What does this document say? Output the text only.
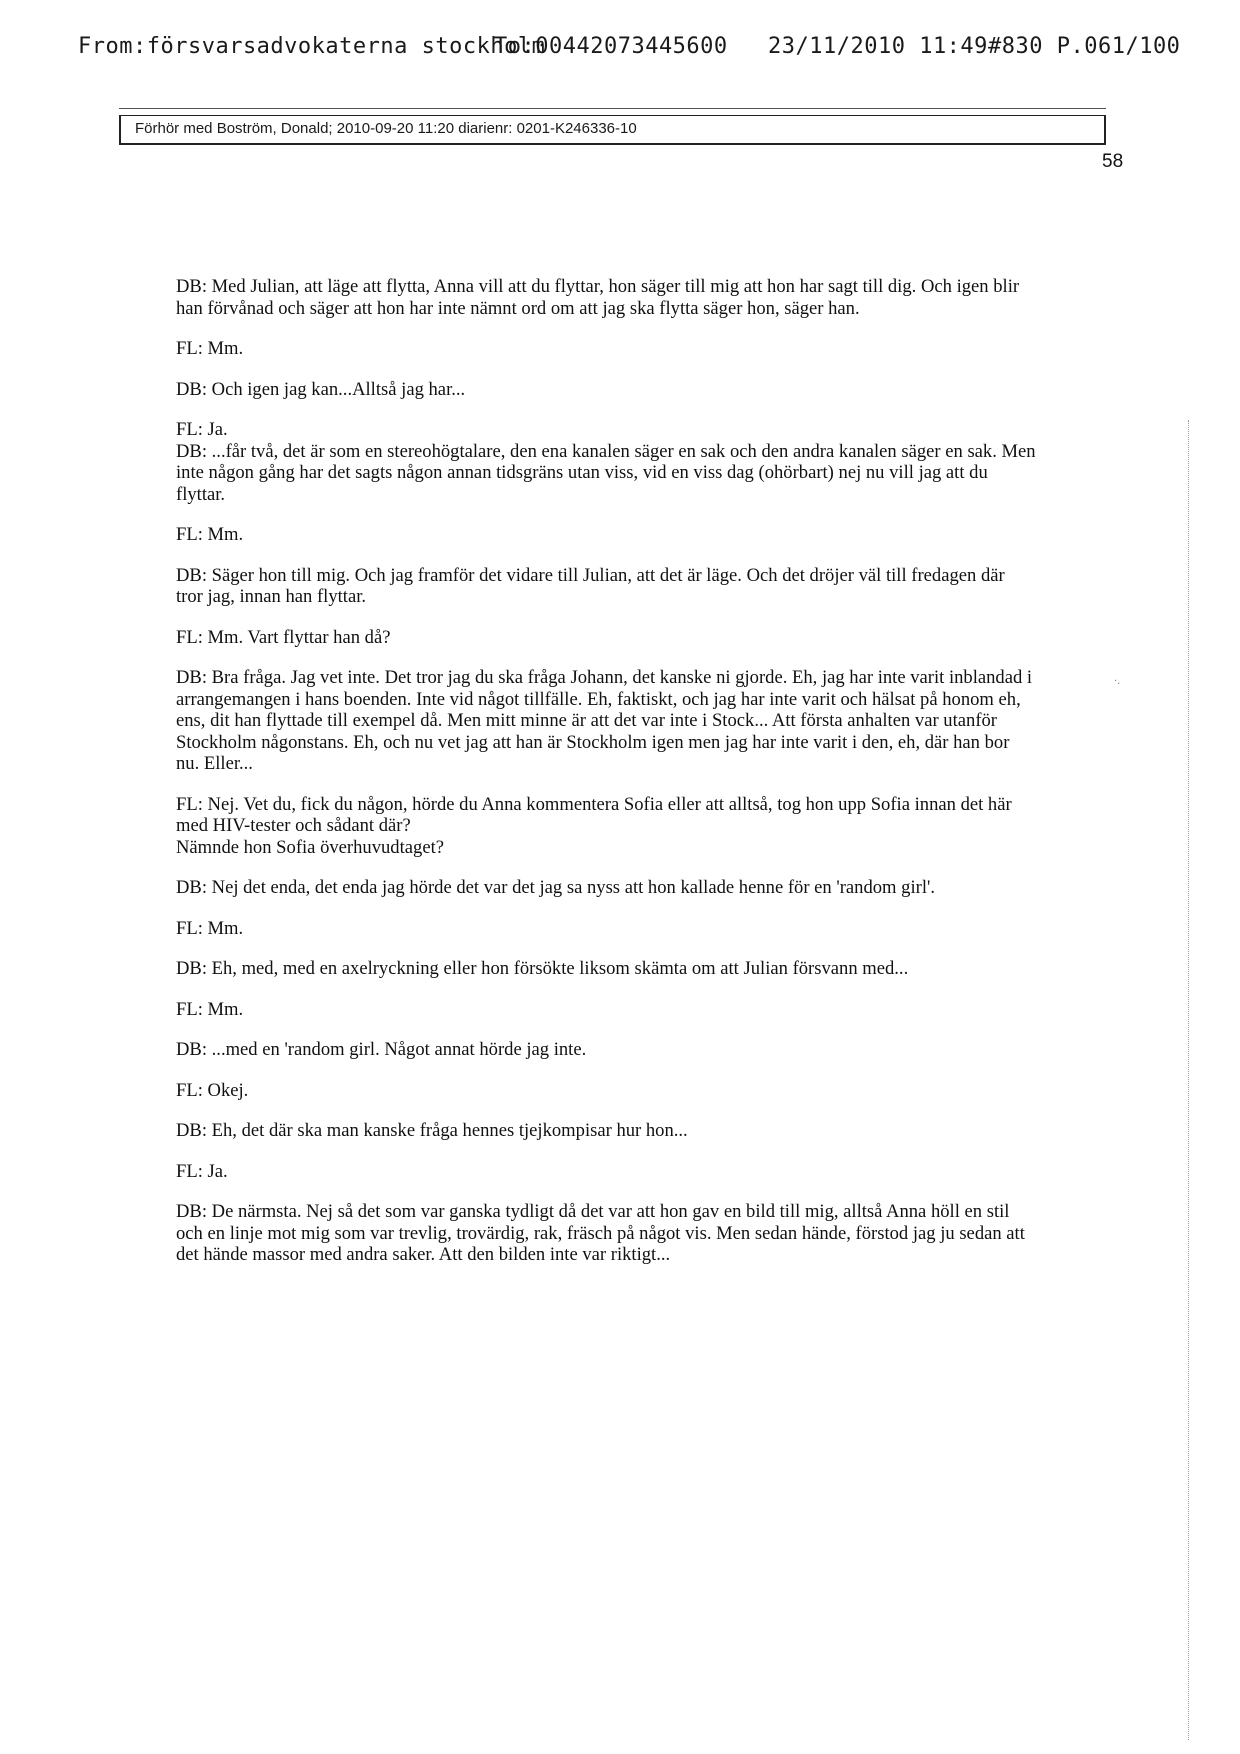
From:försvarsadvokaterna stockholm
To:00442073445600 23/11/2010 11:49 #830 P.061/100
Förhör med Boström, Donald; 2010-09-20 11:20 diarienr: 0201-K246336-10
58

DB: Med Julian, att läge att flytta, Anna vill att du flyttar, hon säger till mig att hon har sagt till dig. Och igen blir han förvånad och säger att hon har inte nämnt ord om att jag ska flytta säger hon, säger han.

FL: Mm.

DB: Och igen jag kan...Alltså jag har...

FL: Ja.

DB: ...får två, det är som en stereohögtalare, den ena kanalen säger en sak och den andra kanalen säger en sak. Men inte någon gång har det sagts någon annan tidsgräns utan viss, vid en viss dag (ohörbart) nej nu vill jag att du flyttar.

FL: Mm.

DB: Säger hon till mig. Och jag framför det vidare till Julian, att det är läge. Och det dröjer väl till fredagen där tror jag, innan han flyttar.

FL: Mm. Vart flyttar han då?

DB: Bra fråga. Jag vet inte. Det tror jag du ska fråga Johann, det kanske ni gjorde. Eh, jag har inte varit inblandad i arrangemangen i hans boenden. Inte vid något tillfälle. Eh, faktiskt, och jag har inte varit och hälsat på honom eh, ens, dit han flyttade till exempel då. Men mitt minne är att det var inte i Stock... Att första anhalten var utanför Stockholm någonstans. Eh, och nu vet jag att han är Stockholm igen men jag har inte varit i den, eh, där han bor nu. Eller...

FL: Nej. Vet du, fick du någon, hörde du Anna kommentera Sofia eller att alltså, tog hon upp Sofia innan det här med HIV-tester och sådant där?
Nämnde hon Sofia överhuvudtaget?

DB: Nej det enda, det enda jag hörde det var det jag sa nyss att hon kallade henne för en 'random girl'.

FL: Mm.

DB: Eh, med, med en axelryckning eller hon försökte liksom skämta om att Julian försvann med...

FL: Mm.

DB: ...med en 'random girl. Något annat hörde jag inte.

FL: Okej.

DB: Eh, det där ska man kanske fråga hennes tjejkompisar hur hon...

FL: Ja.

DB: De närmsta. Nej så det som var ganska tydligt då det var att hon gav en bild till mig, alltså Anna höll en stil och en linje mot mig som var trevlig, trovärdig, rak, fräsch på något vis. Men sedan hände, förstod jag ju sedan att det hände massor med andra saker. Att den bilden inte var riktigt...

·.
